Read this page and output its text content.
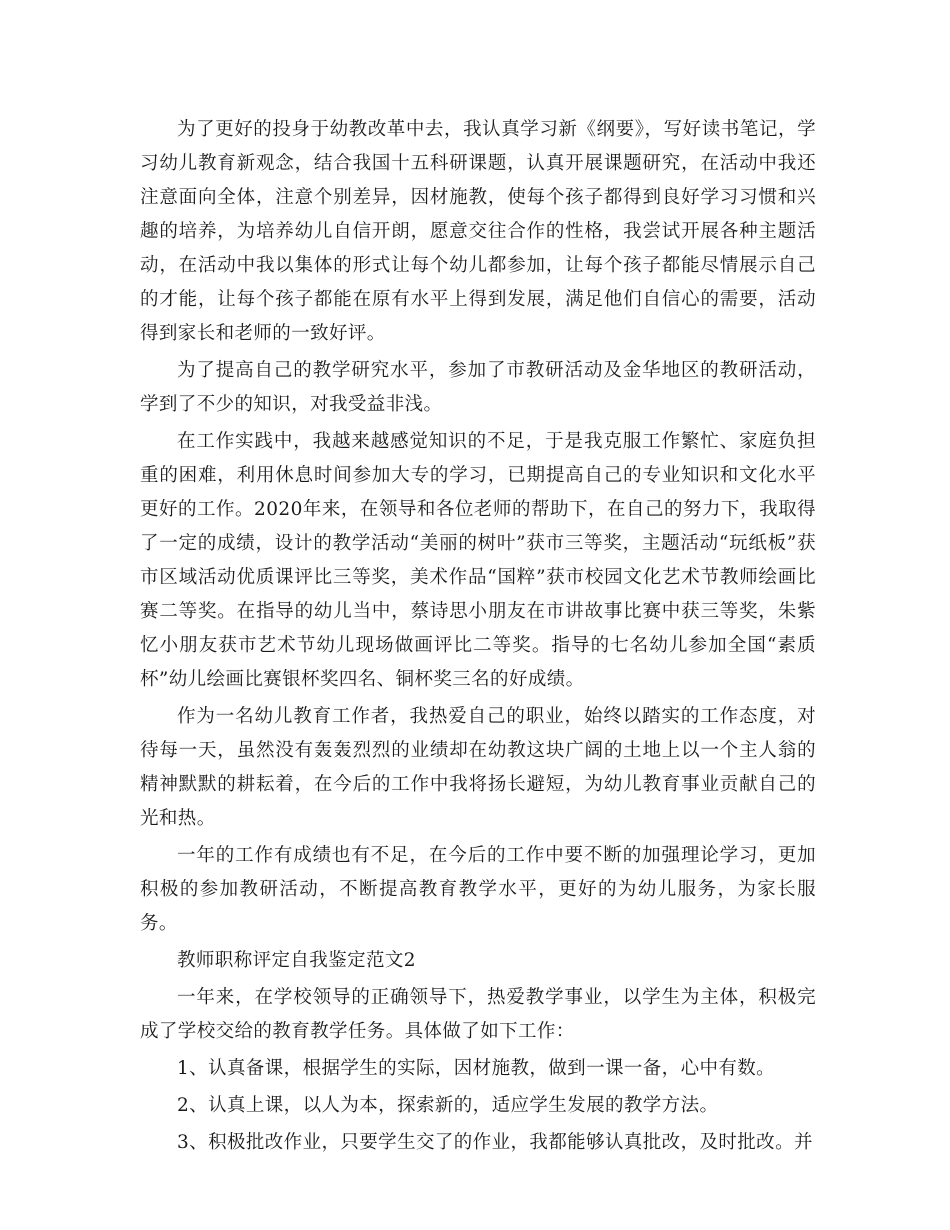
为了更好的投身于幼教改革中去，我认真学习新《纲要》，写好读书笔记，学习幼儿教育新观念，结合我国十五科研课题，认真开展课题研究，在活动中我还注意面向全体，注意个别差异，因材施教，使每个孩子都得到良好学习习惯和兴趣的培养，为培养幼儿自信开朗，愿意交往合作的性格，我尝试开展各种主题活动，在活动中我以集体的形式让每个幼儿都参加，让每个孩子都能尽情展示自己的才能，让每个孩子都能在原有水平上得到发展，满足他们自信心的需要，活动得到家长和老师的一致好评。

为了提高自己的教学研究水平，参加了市教研活动及金华地区的教研活动，学到了不少的知识，对我受益非浅。

在工作实践中，我越来越感觉知识的不足，于是我克服工作繁忙、家庭负担重的困难，利用休息时间参加大专的学习，已期提高自己的专业知识和文化水平更好的工作。2020年来，在领导和各位老师的帮助下，在自己的努力下，我取得了一定的成绩，设计的教学活动“美丽的树叶”获市三等奖，主题活动“玩纸板”获市区域活动优质课评比三等奖，美术作品“国粹”获市校园文化艺术节教师绘画比赛二等奖。在指导的幼儿当中，蔡诗思小朋友在市讲故事比赛中获三等奖，朱紫忆小朋友获市艺术节幼儿现场做画评比二等奖。指导的七名幼儿参加全国“素质杯”幼儿绘画比赛银杯奖四名、铜杯奖三名的好成绩。

作为一名幼儿教育工作者，我热爱自己的职业，始终以踏实的工作态度，对待每一天，虽然没有轰轰烈烈的业绩却在幼教这块广阔的土地上以一个主人翁的精神默默的耕耘着，在今后的工作中我将扬长避短，为幼儿教育事业贡献自己的光和热。

一年的工作有成绩也有不足，在今后的工作中要不断的加强理论学习，更加积极的参加教研活动，不断提高教育教学水平，更好的为幼儿服务，为家长服务。

教师职称评定自我鉴定范文2

一年来，在学校领导的正确领导下，热爱教学事业，以学生为主体，积极完成了学校交给的教育教学任务。具体做了如下工作：

1、认真备课，根据学生的实际，因材施教，做到一课一备，心中有数。

2、认真上课，以人为本，探索新的，适应学生发展的教学方法。

3、积极批改作业，只要学生交了的作业，我都能够认真批改，及时批改。并
